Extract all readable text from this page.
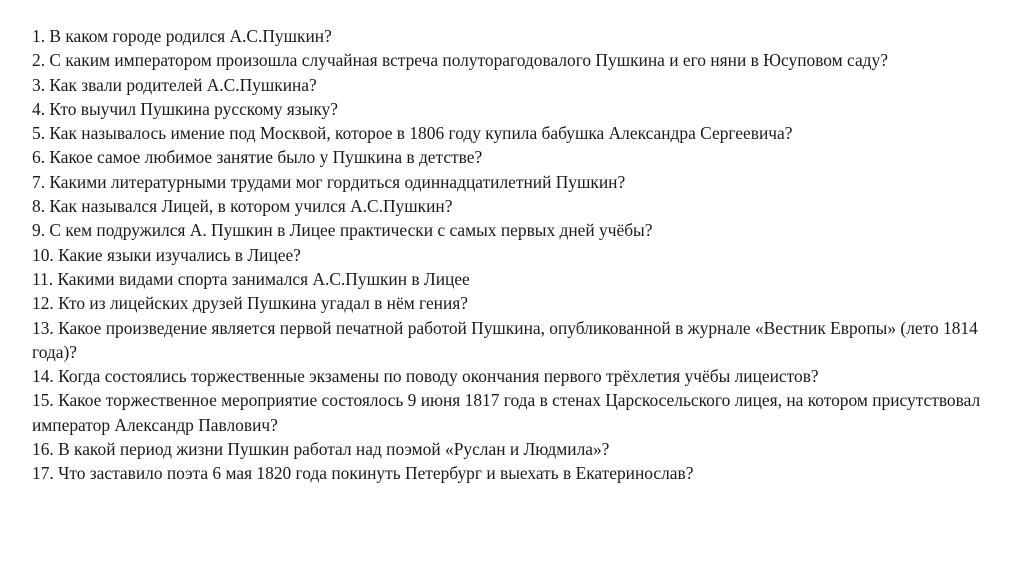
1. В каком городе родился А.С.Пушкин?

2. С каким императором произошла случайная встреча полуторагодовалого Пушкина и его няни в Юсуповом саду?

3. Как звали родителей А.С.Пушкина?

4. Кто выучил Пушкина русскому языку?

5. Как называлось имение под Москвой, которое в 1806 году купила бабушка Александра Сергеевича?

6. Какое самое любимое занятие было у Пушкина в детстве?

7. Какими литературными трудами мог гордиться одиннадцатилетний Пушкин?

8. Как назывался Лицей, в котором учился А.С.Пушкин?

9. С кем подружился А. Пушкин в Лицее практически с самых первых дней учёбы?

10. Какие языки изучались в Лицее?

11. Какими видами спорта занимался А.С.Пушкин в Лицее

12. Кто из лицейских друзей Пушкина угадал в нём гения?

13. Какое произведение является первой печатной работой Пушкина, опубликованной в журнале «Вестник Европы» (лето 1814 года)?

14. Когда состоялись торжественные экзамены по поводу окончания первого трёхлетия учёбы лицеистов?

15. Какое торжественное мероприятие состоялось 9 июня 1817 года в стенах Царскосельского лицея, на котором присутствовал император Александр Павлович?

16. В какой период жизни Пушкин работал над поэмой «Руслан и Людмила»?

17. Что заставило поэта 6 мая 1820 года покинуть Петербург и выехать в Екатеринослав?
